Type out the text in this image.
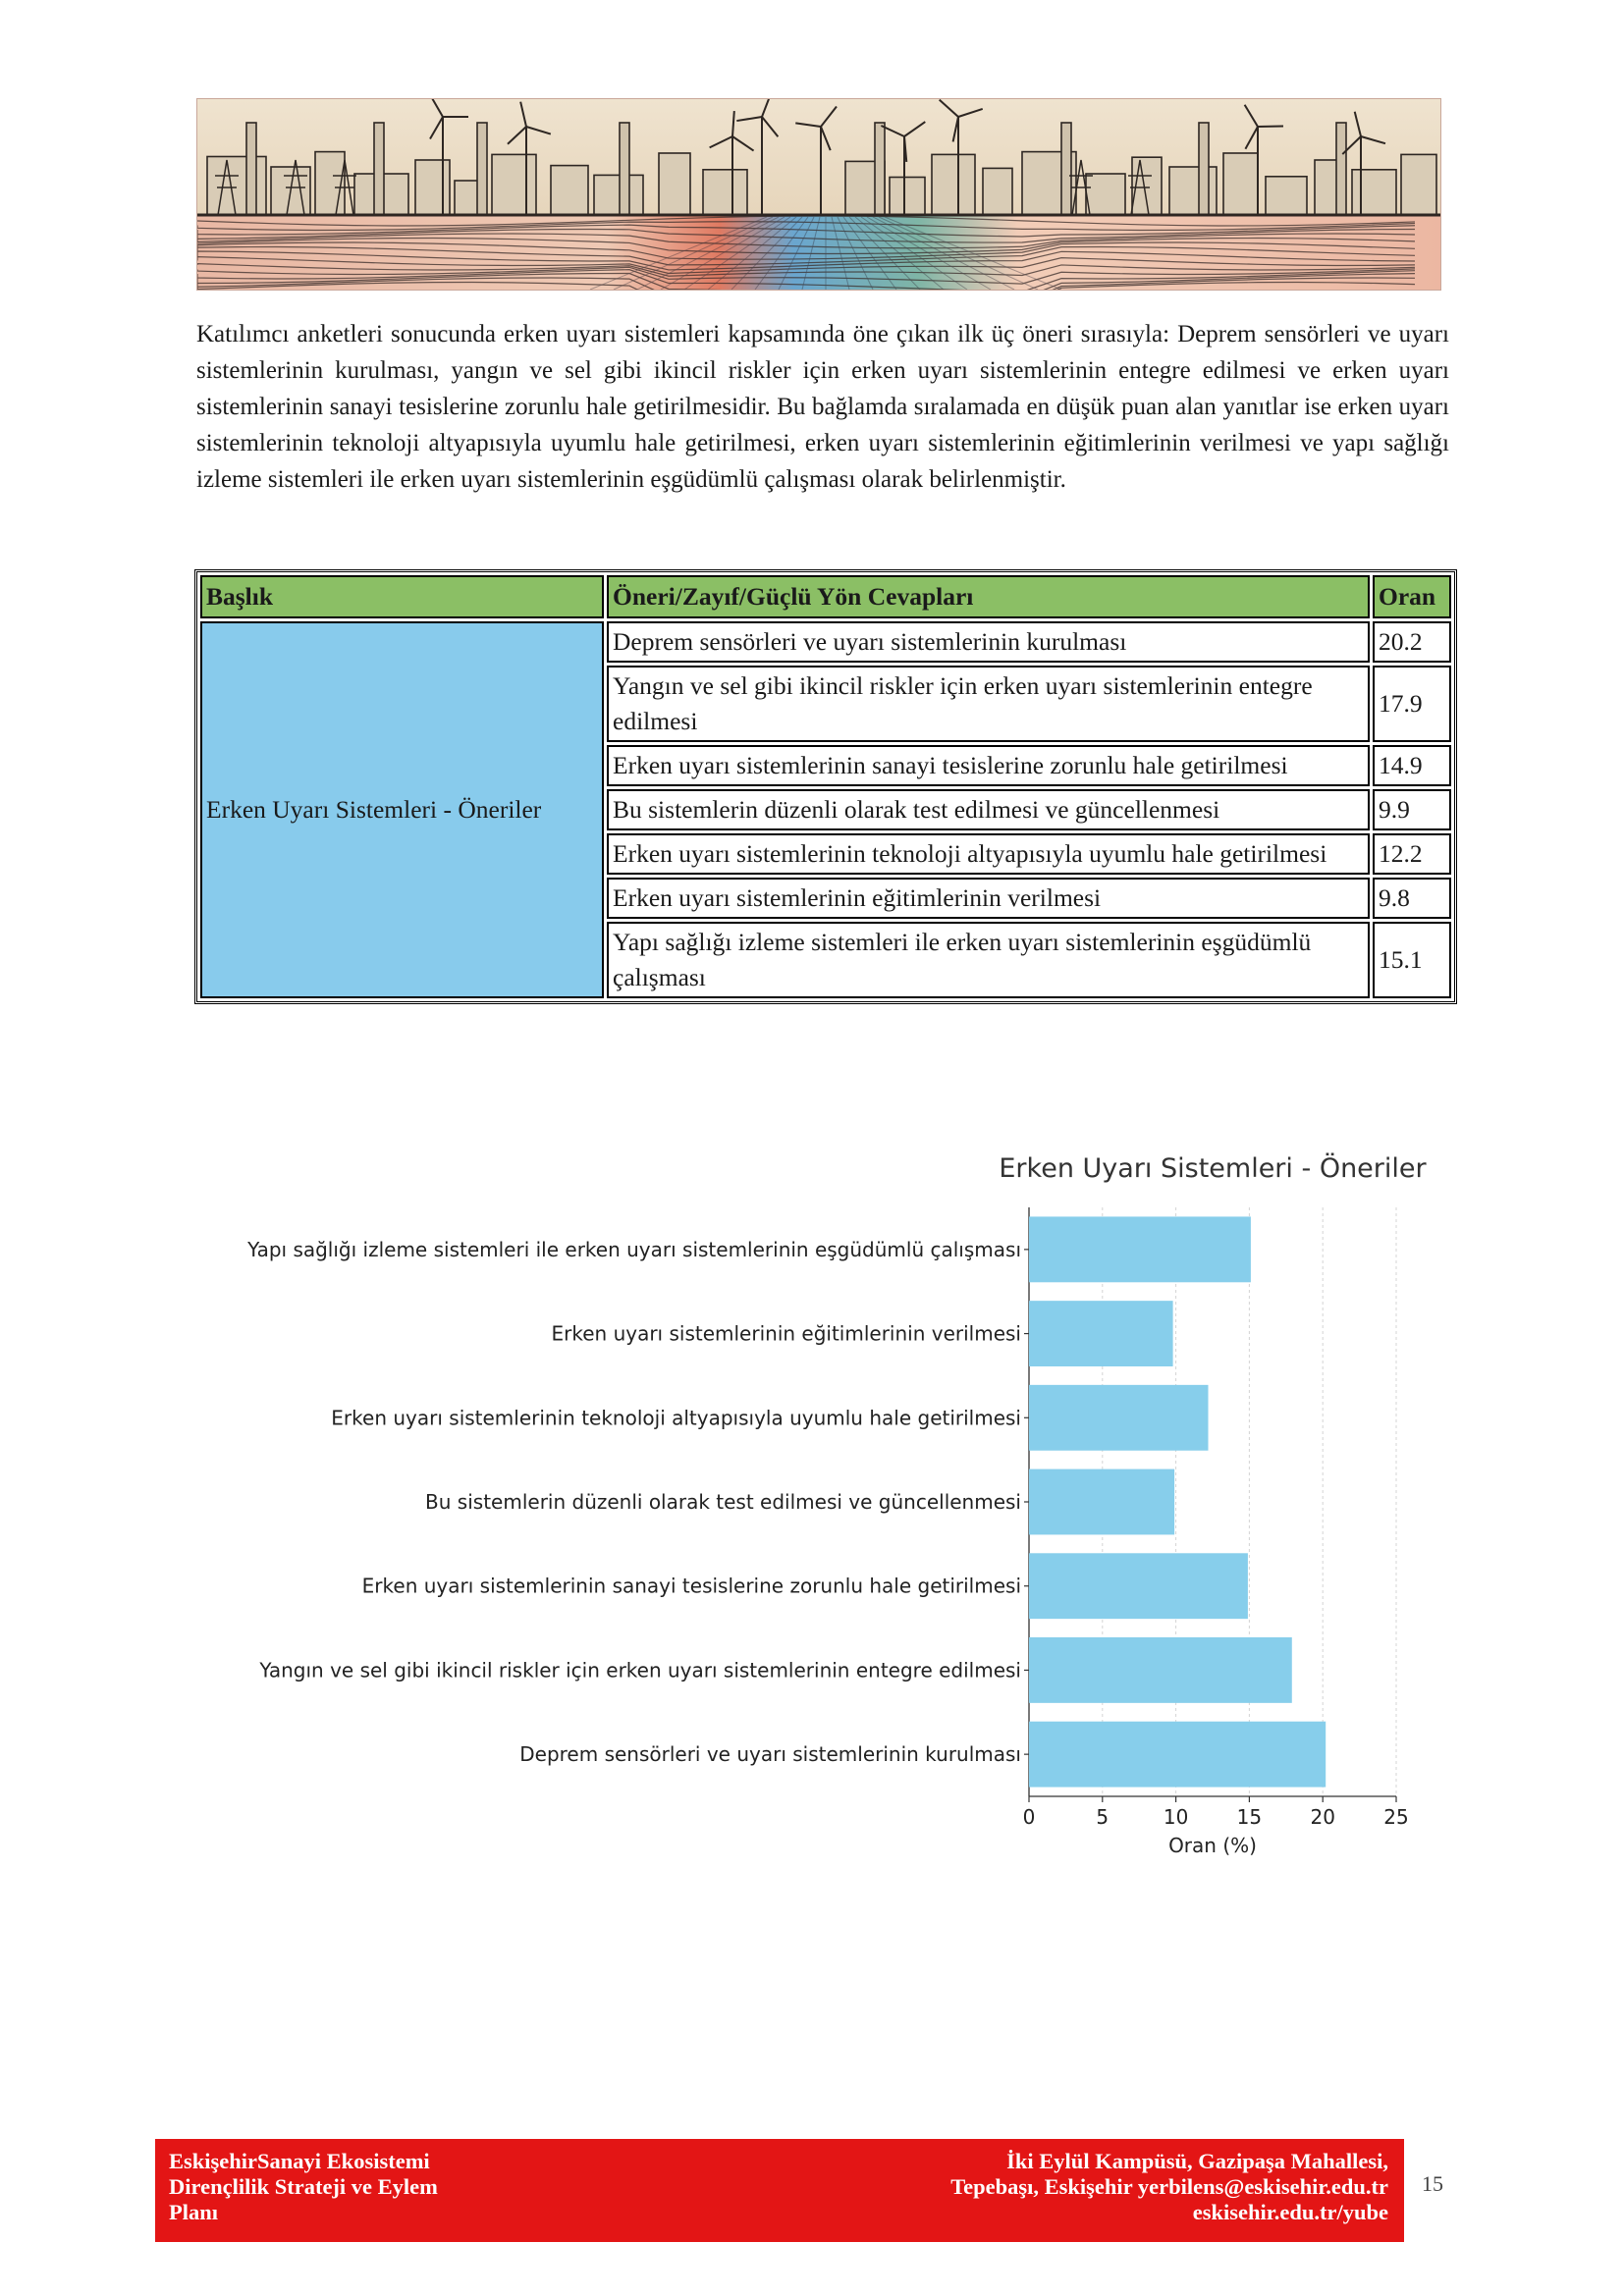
Katılımcı anketleri sonucunda erken uyarı sistemleri kapsamında öne çıkan ilk üç öneri sırasıyla: Deprem sensörleri ve uyarı sistemlerinin kurulması, yangın ve sel gibi ikincil riskler için erken uyarı sistemlerinin entegre edilmesi ve erken uyarı sistemlerinin sanayi tesislerine zorunlu hale getirilmesidir. Bu bağlamda sıralamada en düşük puan alan yanıtlar ise erken uyarı sistemlerinin teknoloji altyapısıyla uyumlu hale getirilmesi, erken uyarı sistemlerinin eğitimlerinin verilmesi ve yapı sağlığı izleme sistemleri ile erken uyarı sistemlerinin eşgüdümlü çalışması olarak belirlenmiştir.

Başlık	Öneri/Zayıf/Güçlü Yön Cevapları	Oran
Erken Uyarı Sistemleri - Öneriler	Deprem sensörleri ve uyarı sistemlerinin kurulması	20.2
	Yangın ve sel gibi ikincil riskler için erken uyarı sistemlerinin entegre edilmesi	17.9
	Erken uyarı sistemlerinin sanayi tesislerine zorunlu hale getirilmesi	14.9
	Bu sistemlerin düzenli olarak test edilmesi ve güncellenmesi	9.9
	Erken uyarı sistemlerinin teknoloji altyapısıyla uyumlu hale getirilmesi	12.2
	Erken uyarı sistemlerinin eğitimlerinin verilmesi	9.8
	Yapı sağlığı izleme sistemleri ile erken uyarı sistemlerinin eşgüdümlü çalışması	15.1
Erken Uyarı Sistemleri - Öneriler
Deprem sensörleri ve uyarı sistemlerinin kurulması
Yangın ve sel gibi ikincil riskler için erken uyarı sistemlerinin entegre edilmesi
Erken uyarı sistemlerinin sanayi tesislerine zorunlu hale getirilmesi
Bu sistemlerin düzenli olarak test edilmesi ve güncellenmesi
Erken uyarı sistemlerinin teknoloji altyapısıyla uyumlu hale getirilmesi
Erken uyarı sistemlerinin eğitimlerinin verilmesi
Yapı sağlığı izleme sistemleri ile erken uyarı sistemlerinin eşgüdümlü çalışması
0	5	10 15 20 25
Oran (%)
EskişehirSanayi Ekosistemi
Dirençlilik Strateji ve Eylem
Planı
İki Eylül Kampüsü, Gazipaşa Mahallesi,
Tepebaşı, Eskişehir yerbilens@eskisehir.edu.tr
eskisehir.edu.tr/yube
15
